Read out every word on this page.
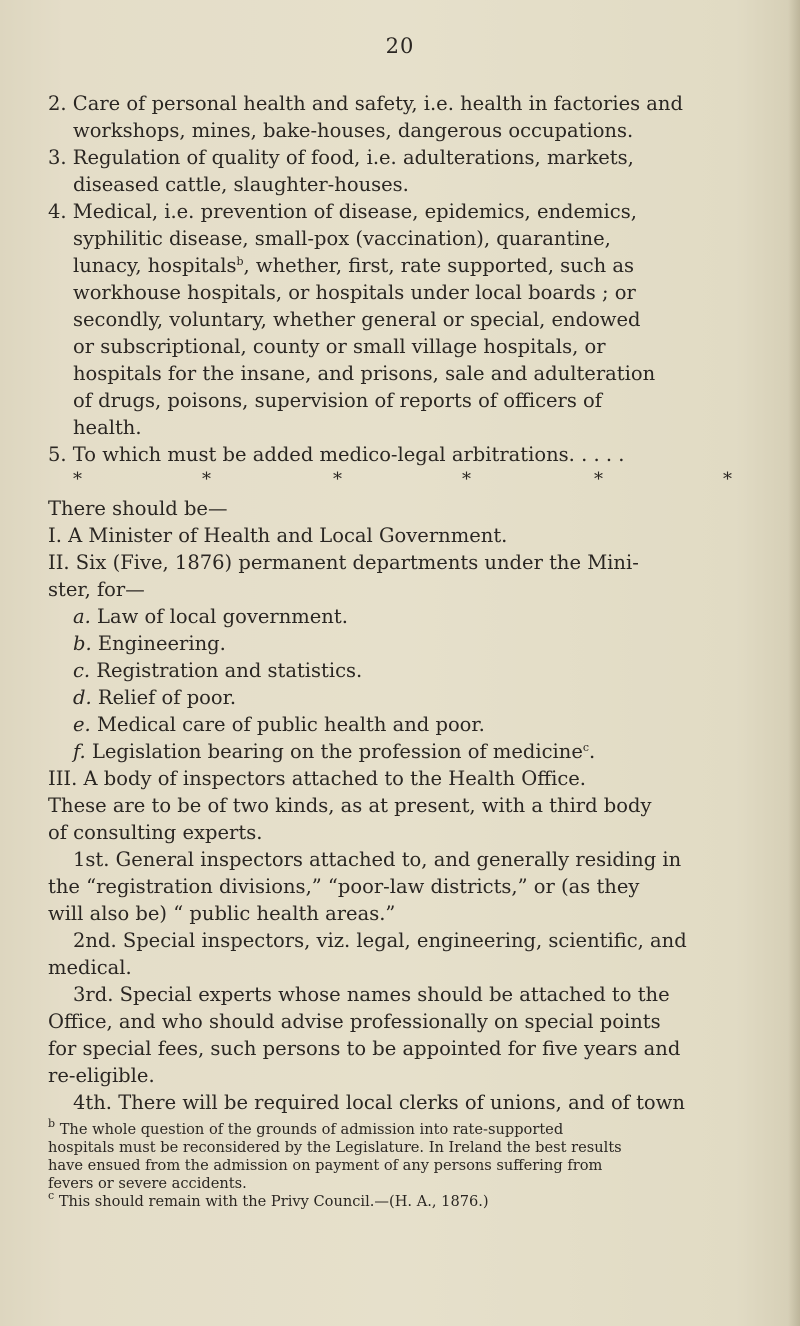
20
2. Care of personal health and safety, i.e. health in factories and
workshops, mines, bake-houses, dangerous occupations.
3. Regulation of quality of food, i.e. adulterations, markets,
diseased cattle, slaughter-houses.
4. Medical, i.e. prevention of disease, epidemics, endemics,
syphilitic disease, small-pox (vaccination), quarantine,
lunacy, hospitals$^b$, whether, first, rate supported, such as
workhouse hospitals, or hospitals under local boards ; or
secondly, voluntary, whether general or special, endowed
or subscriptional, county or small village hospitals, or
hospitals for the insane, and prisons, sale and adulteration
of drugs, poisons, supervision of reports of officers of
health.
5. To which must be added medico-legal arbitrations. . . . .
*	*	*	*	*	*
There should be—
I. A Minister of Health and Local Government.
II. Six (Five, 1876) permanent departments under the Mini-
ster, for—
a. Law of local government.
b. Engineering.
c. Registration and statistics.
d. Relief of poor.
e. Medical care of public health and poor.
f. Legislation bearing on the profession of medicine$^c$.
III. A body of inspectors attached to the Health Office.
These are to be of two kinds, as at present, with a third body
of consulting experts.
1st. General inspectors attached to, and generally residing in
the “registration divisions,” “poor-law districts,” or (as they
will also be) “ public health areas.”
2nd. Special inspectors, viz. legal, engineering, scientific, and
medical.
3rd. Special experts whose names should be attached to the
Office, and who should advise professionally on special points
for special fees, such persons to be appointed for five years and
re-eligible.
4th. There will be required local clerks of unions, and of town
$^b$ The whole question of the grounds of admission into rate-supported
hospitals must be reconsidered by the Legislature. In Ireland the best results
have ensued from the admission on payment of any persons suffering from
fevers or severe accidents.
$^c$ This should remain with the Privy Council.—(H. A., 1876.)
